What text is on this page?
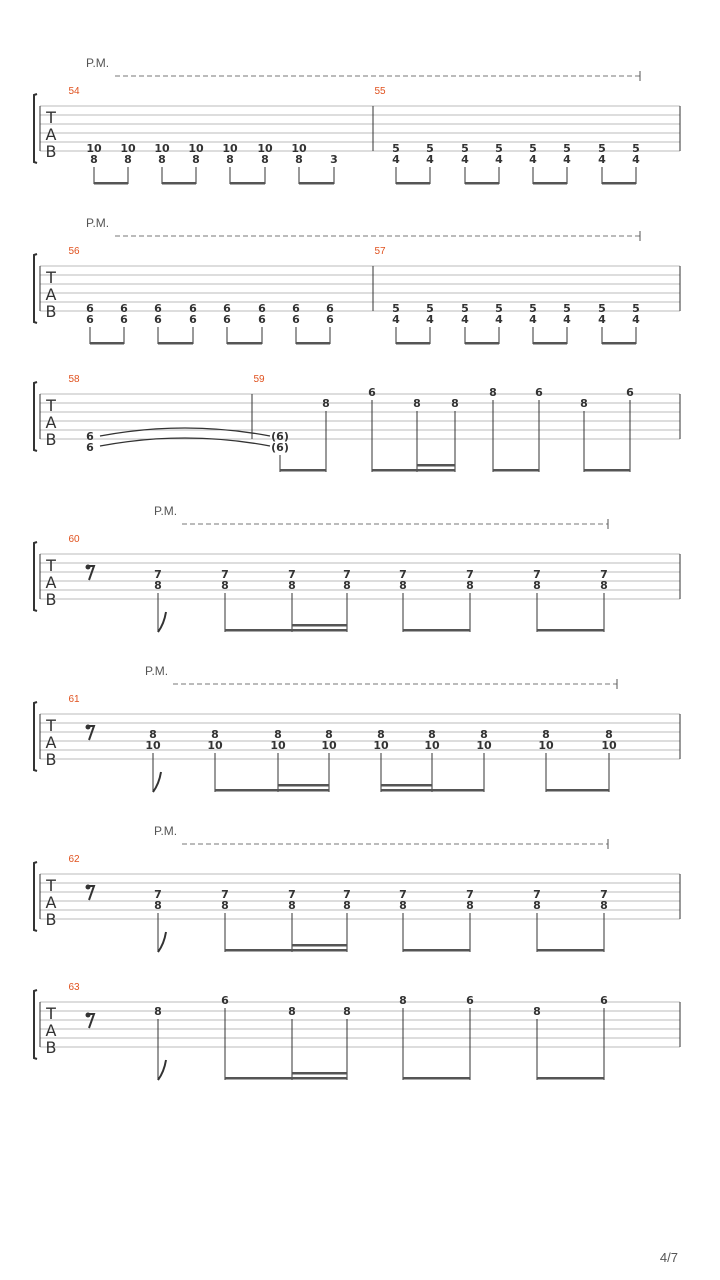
P.M.
T
A
B
54	55
10
8
10
8
10
8
10
8
10
8
10
8
10
8 3
5
4
5
4
5
4
5
4
5
4
5
4
5
4
5
4
P.M.
T
A
B
56	57
6
6
6
6
6
6
6
6
6
6
6
6
6
6
6
6
5
4
5
4
5
4
5
4
5
4
5
4
5
4
5
4
T
A
B
58	59
6
6
(6)
(6)
8
6
8	8
8	6
8
6
P.M.
T
A
B
60
7
8
7
8
7
8
7
8
7
8
7
8
7
8
7
8
P.M.
T
A
B
61
8
10
8
10
8
10
8
10
8
10
8
10
8
10
8
10
8
10
P.M.
T
A
B
62
7
8
7
8
7
8
7
8
7
8
7
8
7
8
7
8
T
A
B
63
8
6
8	8
8	6
8
6
4/7
